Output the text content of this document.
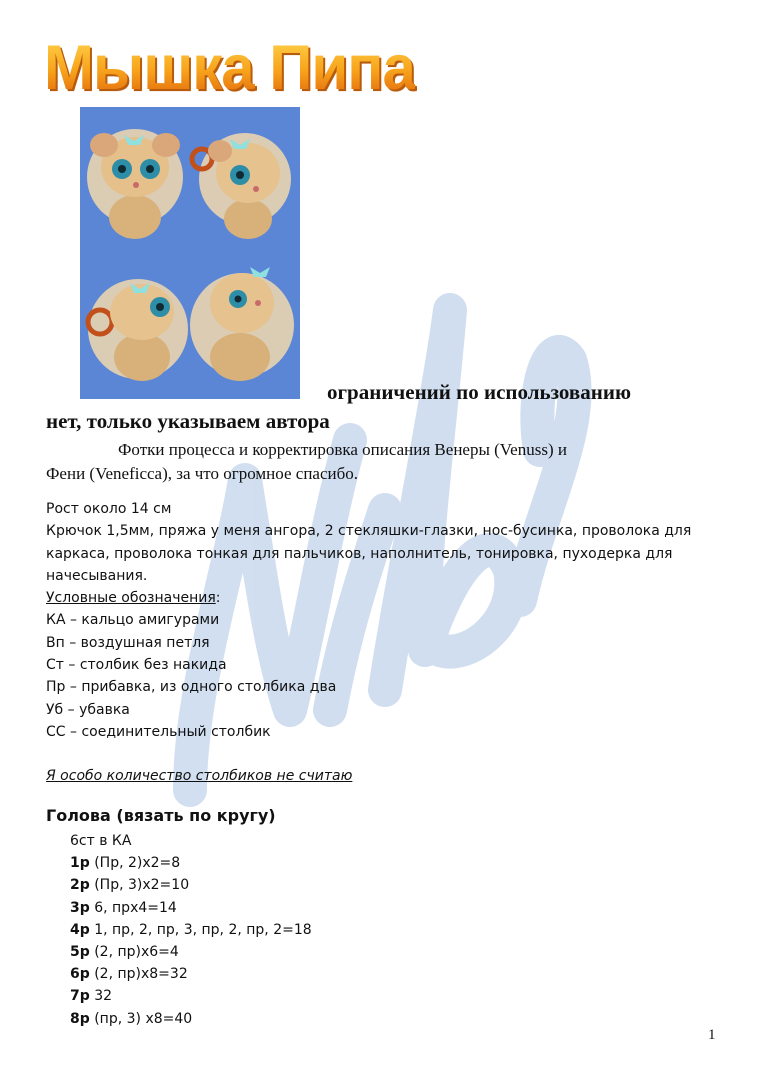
Мышка Пипа
ограничений по использованию
нет, только указываем автора
Фотки процесса и корректировка описания Венеры (Venuss) и
Фени (Veneficca), за что огромное спасибо.

Рост около 14 см

Крючок 1,5мм, пряжа у меня ангора, 2 стекляшки-глазки, нос-бусинка, проволока для каркаса, проволока тонкая для пальчиков, наполнитель, тонировка, пуходерка для начесывания.

Условные обозначения:

КА – кальцо амигурами

Вп – воздушная петля

Ст – столбик без накида

Пр – прибавка, из одного столбика два

Уб – убавка

СС – соединительный столбик

Я особо количество столбиков не считаю

Голова (вязать по кругу)
6ст в КА
1р (Пр, 2)х2=8
2р (Пр, 3)х2=10
3р 6, прх4=14
4р 1, пр, 2, пр, 3, пр, 2, пр, 2=18
5р (2, пр)х6=4
6р (2, пр)х8=32
7р 32
8р (пр, 3) х8=40
1
